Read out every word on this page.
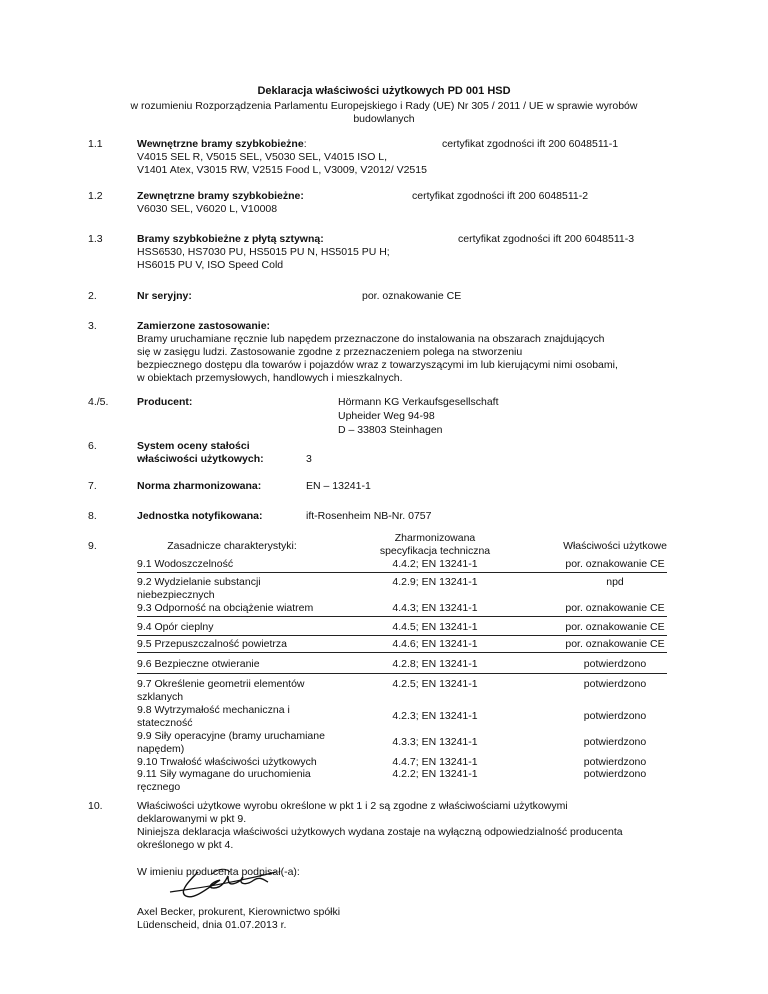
Deklaracja właściwości użytkowych PD 001 HSD
w rozumieniu Rozporządzenia Parlamentu Europejskiego i Rady (UE) Nr 305 / 2011 / UE w sprawie wyrobów budowlanych
1.1	Wewnętrzne bramy szybkobieżne:	certyfikat zgodności ift 200 6048511-1
V4015 SEL R, V5015 SEL, V5030 SEL, V4015 ISO L,
V1401 Atex, V3015 RW, V2515 Food L, V3009, V2012/ V2515
1.2	Zewnętrzne bramy szybkobieżne:	certyfikat zgodności ift 200 6048511-2
V6030 SEL, V6020 L, V10008
1.3	Bramy szybkobieżne z płytą sztywną:	certyfikat zgodności ift 200 6048511-3
HSS6530, HS7030 PU, HS5015 PU N, HS5015 PU H;
HS6015 PU V, ISO Speed Cold
2.	Nr seryjny:	por. oznakowanie CE
3.	Zamierzone zastosowanie:
Bramy uruchamiane ręcznie lub napędem przeznaczone do instalowania na obszarach znajdujących
się w zasięgu ludzi. Zastosowanie zgodne z przeznaczeniem polega na stworzeniu
bezpiecznego dostępu dla towarów i pojazdów wraz z towarzyszącymi im lub kierującymi nimi osobami,
w obiektach przemysłowych, handlowych i mieszkalnych.
4./5.	Producent:	Hörmann KG Verkaufsgesellschaft
Upheider Weg 94-98
D – 33803 Steinhagen
6.	System oceny stałości
właściwości użytkowych:	3
7.	Norma zharmonizowana:	EN – 13241-1
8.	Jednostka notyfikowana:	ift-Rosenheim NB-Nr. 0757
9.	Zasadnicze charakterystyki:
Zharmonizowana
specyfikacja techniczna	Właściwości użytkowe
9.1 Wodoszczelność	4.4.2; EN 13241-1	por. oznakowanie CE
9.2 Wydzielanie substancji
niebezpiecznych
4.2.9; EN 13241-1	npd
9.3 Odporność na obciążenie wiatrem	4.4.3; EN 13241-1	por. oznakowanie CE
9.4 Opór cieplny	4.4.5; EN 13241-1	por. oznakowanie CE
9.5 Przepuszczalność powietrza	4.4.6; EN 13241-1	por. oznakowanie CE
9.6 Bezpieczne otwieranie	4.2.8; EN 13241-1	potwierdzono
9.7 Określenie geometrii elementów
szklanych
4.2.5; EN 13241-1	potwierdzono
9.8 Wytrzymałość mechaniczna i
stateczność
4.2.3; EN 13241-1	potwierdzono
9.9 Siły operacyjne (bramy uruchamiane
napędem)
4.3.3; EN 13241-1	potwierdzono
9.10 Trwałość właściwości użytkowych	4.4.7; EN 13241-1	potwierdzono
9.11 Siły wymagane do uruchomienia
ręcznego
4.2.2; EN 13241-1	potwierdzono
10.	Właściwości użytkowe wyrobu określone w pkt 1 i 2 są zgodne z właściwościami użytkowymi
deklarowanymi w pkt 9.
Niniejsza deklaracja właściwości użytkowych wydana zostaje na wyłączną odpowiedzialność producenta
określonego w pkt 4.
W imieniu producenta podpisał(-a):
Axel Becker, prokurent, Kierownictwo spółki
Lüdenscheid, dnia 01.07.2013 r.
